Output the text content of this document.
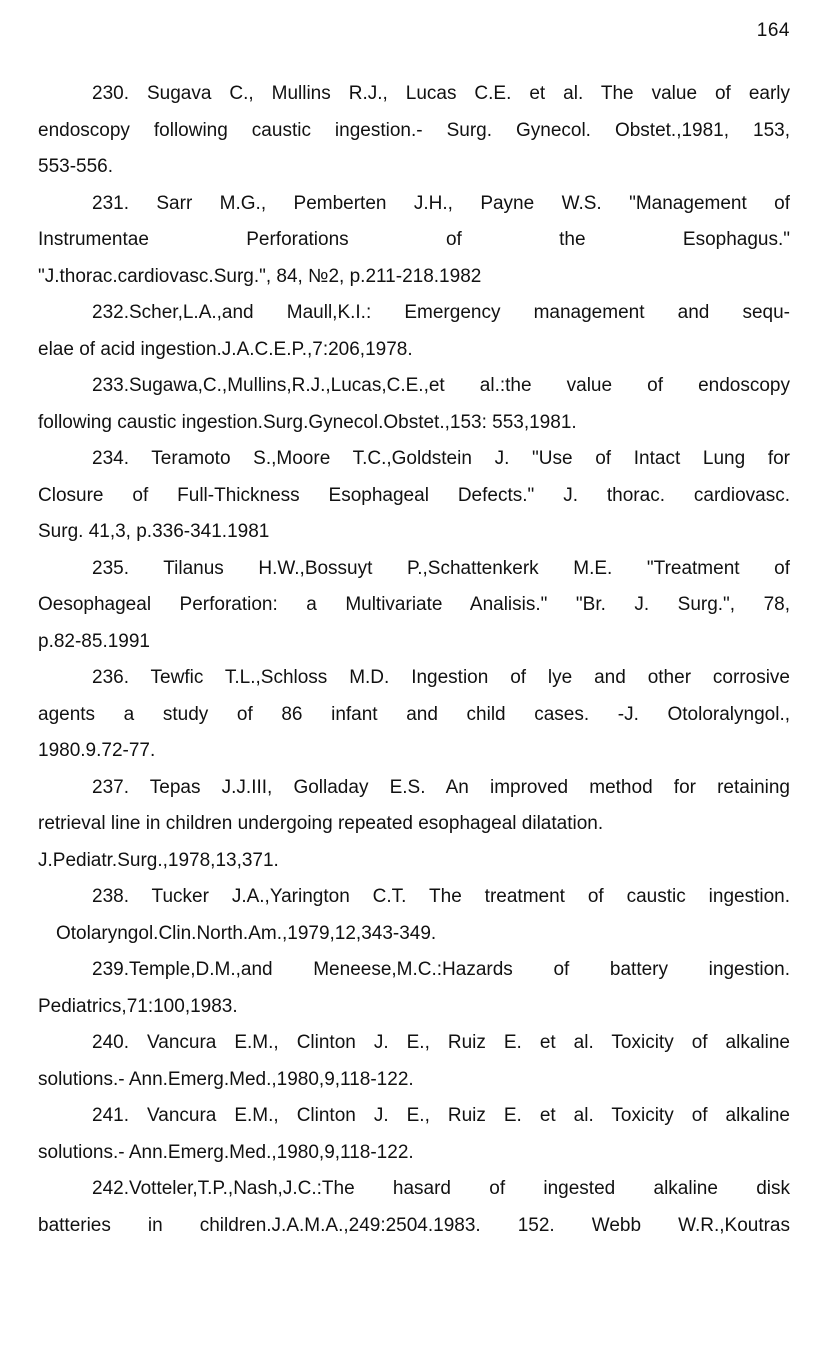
164
230. Sugava C., Mullins R.J., Lucas C.E. et al. The value of early
endoscopy following caustic ingestion.- Surg. Gynecol. Obstet.,1981, 153,
553-556.
231. Sarr M.G., Pemberten J.H., Payne W.S. "Management of
Instrumentae Perforations of the Esophagus."
"J.thorac.cardiovasc.Surg.", 84, №2, p.211-218.1982
232.Scher,L.A.,and Maull,K.I.: Emergency management and sequ-
elae of acid ingestion.J.A.C.E.P.,7:206,1978.
233.Sugawa,C.,Mullins,R.J.,Lucas,C.E.,et al.:the value of endoscopy
following caustic ingestion.Surg.Gynecol.Obstet.,153: 553,1981.
234. Teramoto S.,Moore T.C.,Goldstein J. "Use of Intact Lung for
Closure of Full-Thickness Esophageal Defects." J. thorac. cardiovasc.
Surg. 41,3, p.336-341.1981
235. Tilanus H.W.,Bossuyt P.,Schattenkerk M.E. "Treatment of
Oesophageal Perforation: a Multivariate Analisis." "Br. J. Surg.", 78,
p.82-85.1991
236. Tewfic T.L.,Schloss M.D. Ingestion of lye and other corrosive
agents a study of 86 infant and child cases. -J. Otoloralyngol.,
1980.9.72-77.
237. Tepas J.J.III, Golladay E.S. An improved method for retaining
retrieval line in children undergoing repeated esophageal dilatation.
J.Pediatr.Surg.,1978,13,371.
238. Tucker J.A.,Yarington C.T. The treatment of caustic ingestion.
Otolaryngol.Clin.North.Am.,1979,12,343-349.
239.Temple,D.M.,and Meneese,M.C.:Hazards of battery ingestion.
Pediatrics,71:100,1983.
240. Vancura E.M., Clinton J. E., Ruiz E. et al. Toxicity of alkaline
solutions.- Ann.Emerg.Med.,1980,9,118-122.
241. Vancura E.M., Clinton J. E., Ruiz E. et al. Toxicity of alkaline
solutions.- Ann.Emerg.Med.,1980,9,118-122.
242.Votteler,T.P.,Nash,J.C.:The hasard of ingested alkaline disk
batteries in children.J.A.M.A.,249:2504.1983. 152. Webb W.R.,Koutras
